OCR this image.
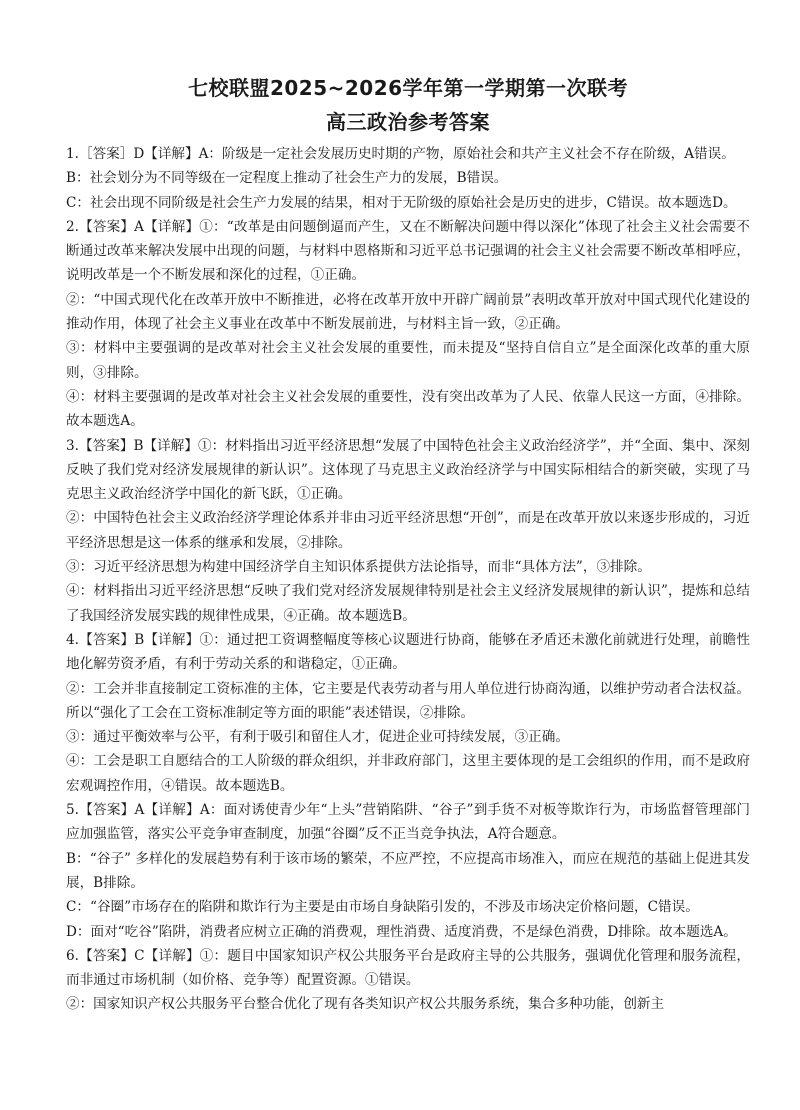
七校联盟2025~2026学年第一学期第一次联考
高三政治参考答案

1.［答案］D【详解】A：阶级是一定社会发展历史时期的产物，原始社会和共产主义社会不存在阶级，A错误。

B：社会划分为不同等级在一定程度上推动了社会生产力的发展，B错误。

C：社会出现不同阶级是社会生产力发展的结果，相对于无阶级的原始社会是历史的进步，C错误。故本题选D。

2.【答案】A【详解】①：“改革是由问题倒逼而产生，又在不断解决问题中得以深化”体现了社会主义社会需要不断通过改革来解决发展中出现的问题，与材料中恩格斯和习近平总书记强调的社会主义社会需要不断改革相呼应，说明改革是一个不断发展和深化的过程，①正确。

②：“中国式现代化在改革开放中不断推进，必将在改革开放中开辟广阔前景”表明改革开放对中国式现代化建设的推动作用，体现了社会主义事业在改革中不断发展前进，与材料主旨一致，②正确。

③：材料中主要强调的是改革对社会主义社会发展的重要性，而未提及“坚持自信自立”是全面深化改革的重大原则，③排除。

④：材料主要强调的是改革对社会主义社会发展的重要性，没有突出改革为了人民、依靠人民这一方面，④排除。故本题选A。

3.【答案】B【详解】①：材料指出习近平经济思想“发展了中国特色社会主义政治经济学”，并“全面、集中、深刻反映了我们党对经济发展规律的新认识”。这体现了马克思主义政治经济学与中国实际相结合的新突破，实现了马克思主义政治经济学中国化的新飞跃，①正确。

②：中国特色社会主义政治经济学理论体系并非由习近平经济思想“开创”，而是在改革开放以来逐步形成的，习近平经济思想是这一体系的继承和发展，②排除。

③：习近平经济思想为构建中国经济学自主知识体系提供方法论指导，而非“具体方法”，③排除。

④：材料指出习近平经济思想“反映了我们党对经济发展规律特别是社会主义经济发展规律的新认识”，提炼和总结了我国经济发展实践的规律性成果，④正确。故本题选B。

4.【答案】B【详解】①：通过把工资调整幅度等核心议题进行协商，能够在矛盾还未激化前就进行处理，前瞻性地化解劳资矛盾，有利于劳动关系的和谐稳定，①正确。

②：工会并非直接制定工资标准的主体，它主要是代表劳动者与用人单位进行协商沟通，以维护劳动者合法权益。所以“强化了工会在工资标准制定等方面的职能”表述错误，②排除。

③：通过平衡效率与公平，有利于吸引和留住人才，促进企业可持续发展，③正确。

④：工会是职工自愿结合的工人阶级的群众组织，并非政府部门，这里主要体现的是工会组织的作用，而不是政府宏观调控作用，④错误。故本题选B。

5.【答案】A【详解】A：面对诱使青少年“上头”营销陷阱、“谷子”到手货不对板等欺诈行为，市场监督管理部门应加强监管，落实公平竞争审查制度，加强“谷圈”反不正当竞争执法，A符合题意。

B：“谷子” 多样化的发展趋势有利于该市场的繁荣，不应严控，不应提高市场准入，而应在规范的基础上促进其发展，B排除。

C：“谷圈”市场存在的陷阱和欺诈行为主要是由市场自身缺陷引发的，不涉及市场决定价格问题，C错误。

D：面对“吃谷”陷阱，消费者应树立正确的消费观，理性消费、适度消费，不是绿色消费，D排除。故本题选A。

6.【答案】C【详解】①：题目中国家知识产权公共服务平台是政府主导的公共服务，强调优化管理和服务流程，而非通过市场机制（如价格、竞争等）配置资源。①错误。

②：国家知识产权公共服务平台整合优化了现有各类知识产权公共服务系统，集合多种功能，创新主
